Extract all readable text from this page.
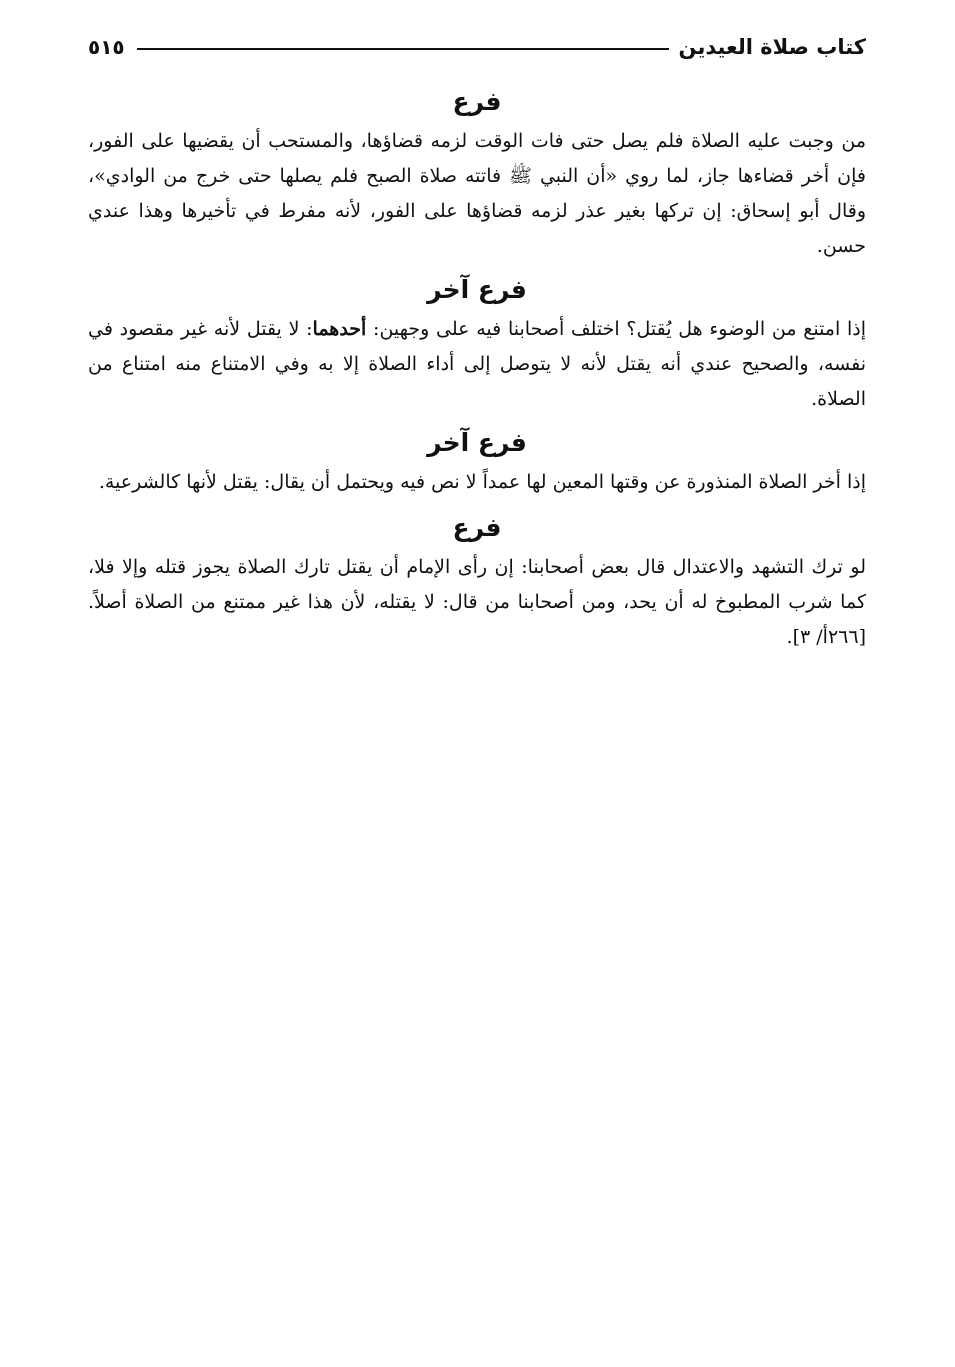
كتاب صلاة العيدين
٥١٥
فرع

من وجبت عليه الصلاة فلم يصل حتى فات الوقت لزمه قضاؤها، والمستحب أن يقضيها على الفور، فإن أخر قضاءها جاز، لما روي «أن النبي ﷺ فاتته صلاة الصبح فلم يصلها حتى خرج من الوادي»، وقال أبو إسحاق: إن تركها بغير عذر لزمه قضاؤها على الفور، لأنه مفرط في تأخيرها وهذا عندي حسن.

فرع آخر

إذا امتنع من الوضوء هل يُقتل؟ اختلف أصحابنا فيه على وجهين: أحدهما: لا يقتل لأنه غير مقصود في نفسه، والصحيح عندي أنه يقتل لأنه لا يتوصل إلى أداء الصلاة إلا به وفي الامتناع منه امتناع من الصلاة.

فرع آخر

إذا أخر الصلاة المنذورة عن وقتها المعين لها عمداً لا نص فيه ويحتمل أن يقال: يقتل لأنها كالشرعية.

فرع

لو ترك التشهد والاعتدال قال بعض أصحابنا: إن رأى الإمام أن يقتل تارك الصلاة يجوز قتله وإلا فلا، كما شرب المطبوخ له أن يحد، ومن أصحابنا من قال: لا يقتله، لأن هذا غير ممتنع من الصلاة أصلاً. [٢٦٦أ/ ٣].
